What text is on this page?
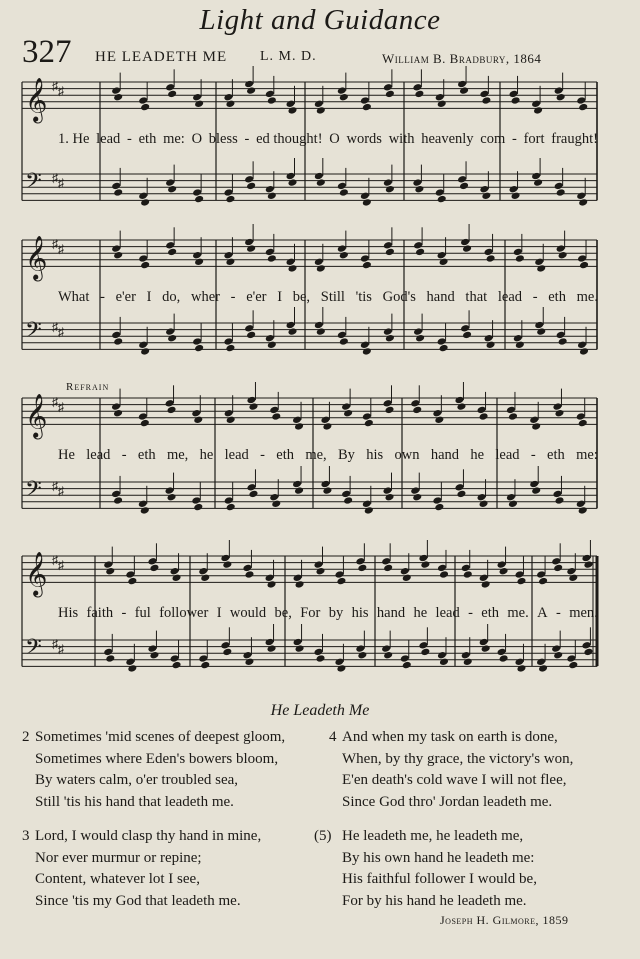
Light and Guidance
327 HE LEADETH ME L. M. D.	William B. Bradbury, 1864
𝄞 ♯ ♯
𝄢 ♯ ♯
𝄞 ♯ ♯
𝄢 ♯ ♯
𝄞 ♯ ♯
𝄢 ♯ ♯
𝄞 ♯ ♯
𝄢 ♯ ♯
1. He lead - eth me: O bless - ed thought! O words with heavenly com - fort fraught!
What - e'er I do, wher - e'er I be, Still 'tis God's hand that lead - eth me.
Refrain
He lead - eth me, he lead - eth me, By his own hand he lead - eth me:
His faith - ful follower I would be, For by his hand he lead - eth me. A - men.
He Leadeth Me
2 Sometimes 'mid scenes of deepest gloom,
Sometimes where Eden's bowers bloom,
By waters calm, o'er troubled sea,
Still 'tis his hand that leadeth me.
4 And when my task on earth is done,
When, by thy grace, the victory's won,
E'en death's cold wave I will not flee,
Since God thro' Jordan leadeth me.
3 Lord, I would clasp thy hand in mine,
Nor ever murmur or repine;
Content, whatever lot I see,
Since 'tis my God that leadeth me.
(5) He leadeth me, he leadeth me,
By his own hand he leadeth me:
His faithful follower I would be,
For by his hand he leadeth me.
Joseph H. Gilmore, 1859
